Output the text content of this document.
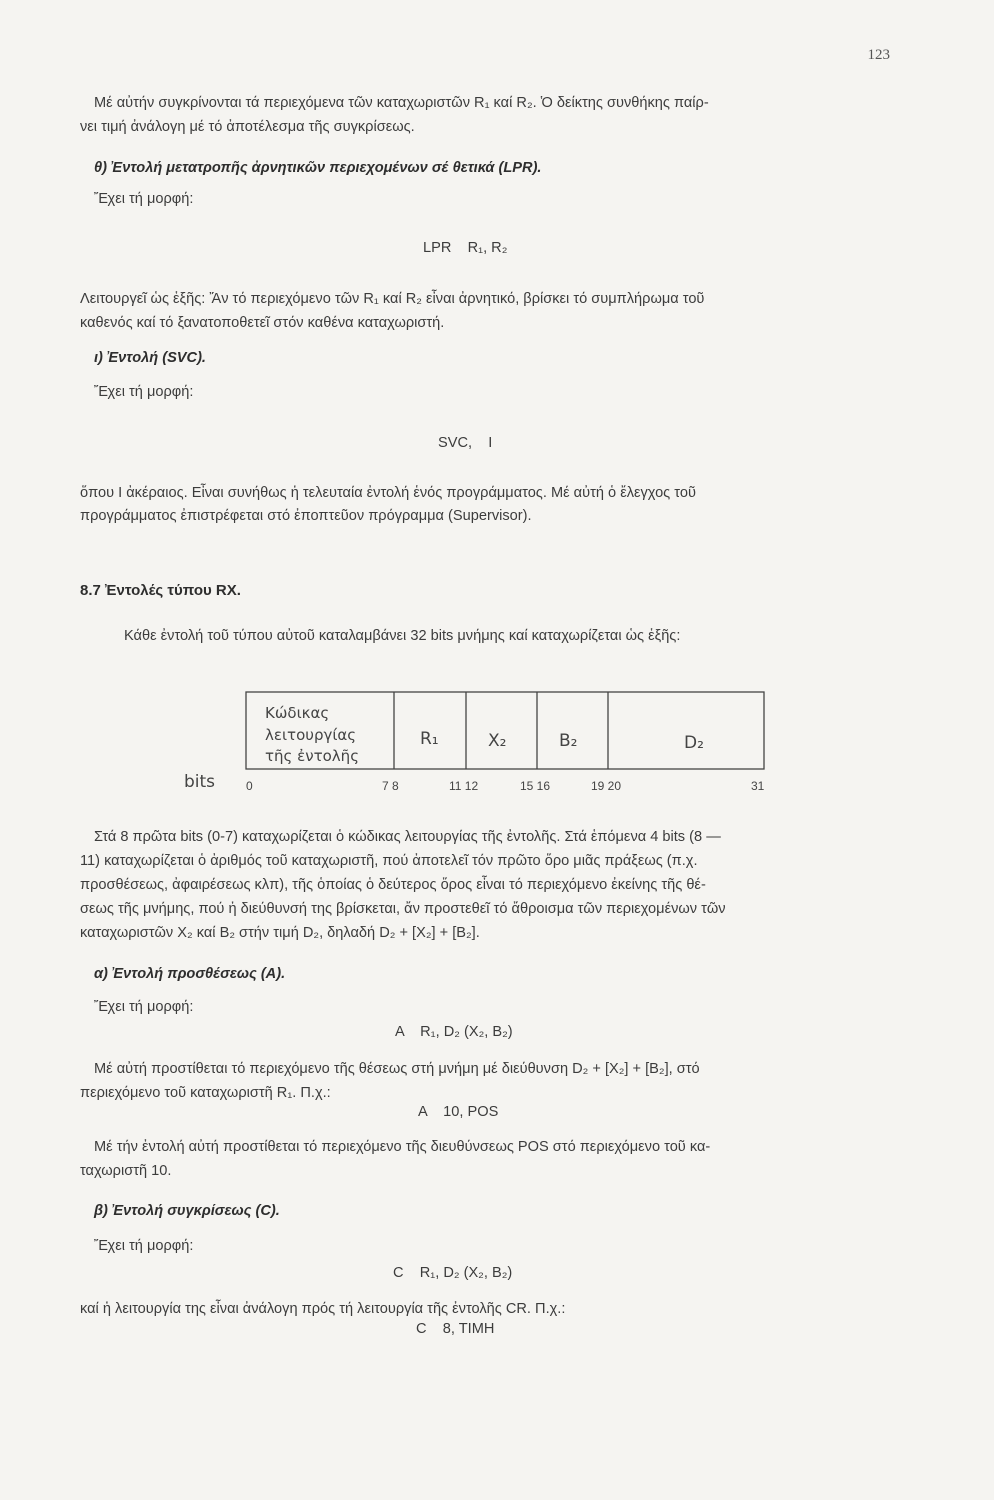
123
Μέ αὐτήν συγκρίνονται τά περιεχόμενα τῶν καταχωριστῶν R₁ καί R₂. Ὁ δείκτης συνθήκης παίρ-
νει τιμή ἀνάλογη μέ τό ἀποτέλεσμα τῆς συγκρίσεως.
θ) Ἐντολή μετατροπῆς ἀρνητικῶν περιεχομένων σέ θετικά (LPR).
Ἔχει τή μορφή:
LPR    R₁, R₂
Λειτουργεῖ ὡς ἑξῆς: Ἄν τό περιεχόμενο τῶν R₁ καί R₂ εἶναι ἀρνητικό, βρίσκει τό συμπλήρωμα τοῦ
καθενός καί τό ξανατοποθετεῖ στόν καθένα καταχωριστή.
ι) Ἐντολή (SVC).
Ἔχει τή μορφή:
SVC,    I
ὅπου I ἀκέραιος. Εἶναι συνήθως ἡ τελευταία ἐντολή ἑνός προγράμματος. Μέ αὐτή ὁ ἔλεγχος τοῦ
προγράμματος ἐπιστρέφεται στό ἐποπτεῦον πρόγραμμα (Supervisor).
8.7 Ἐντολές τύπου RX.
Κάθε ἐντολή τοῦ τύπου αὐτοῦ καταλαμβάνει 32 bits μνήμης καί καταχωρίζεται ὡς ἑξῆς:
Κώδικας
λειτουργίας
τῆς ἐντολῆς
R₁	X₂	B₂	D₂
bits	0	7 8	11 12	15 16	19 20	31
Στά 8 πρῶτα bits (0-7) καταχωρίζεται ὁ κώδικας λειτουργίας τῆς ἐντολῆς. Στά ἑπόμενα 4 bits (8 —
11) καταχωρίζεται ὁ ἀριθμός τοῦ καταχωριστῆ, πού ἀποτελεῖ τόν πρῶτο ὅρο μιᾶς πράξεως (π.χ.
προσθέσεως, ἀφαιρέσεως κλπ), τῆς ὁποίας ὁ δεύτερος ὅρος εἶναι τό περιεχόμενο ἐκείνης τῆς θέ-
σεως τῆς μνήμης, πού ἡ διεύθυνσή της βρίσκεται, ἄν προστεθεῖ τό ἄθροισμα τῶν περιεχομένων τῶν
καταχωριστῶν X₂ καί B₂ στήν τιμή D₂, δηλαδή D₂ + [X₂] + [B₂].
α) Ἐντολή προσθέσεως (A).
Ἔχει τή μορφή:
A    R₁, D₂ (X₂, B₂)
Μέ αὐτή προστίθεται τό περιεχόμενο τῆς θέσεως στή μνήμη μέ διεύθυνση D₂ + [X₂] + [B₂], στό
περιεχόμενο τοῦ καταχωριστῆ R₁. Π.χ.:
A    10, POS
Μέ τήν ἐντολή αὐτή προστίθεται τό περιεχόμενο τῆς διευθύνσεως POS στό περιεχόμενο τοῦ κα-
ταχωριστῆ 10.
β) Ἐντολή συγκρίσεως (C).
Ἔχει τή μορφή:
C    R₁, D₂ (X₂, B₂)
καί ἡ λειτουργία της εἶναι ἀνάλογη πρός τή λειτουργία τῆς ἐντολῆς CR. Π.χ.:
C    8, TIMH
